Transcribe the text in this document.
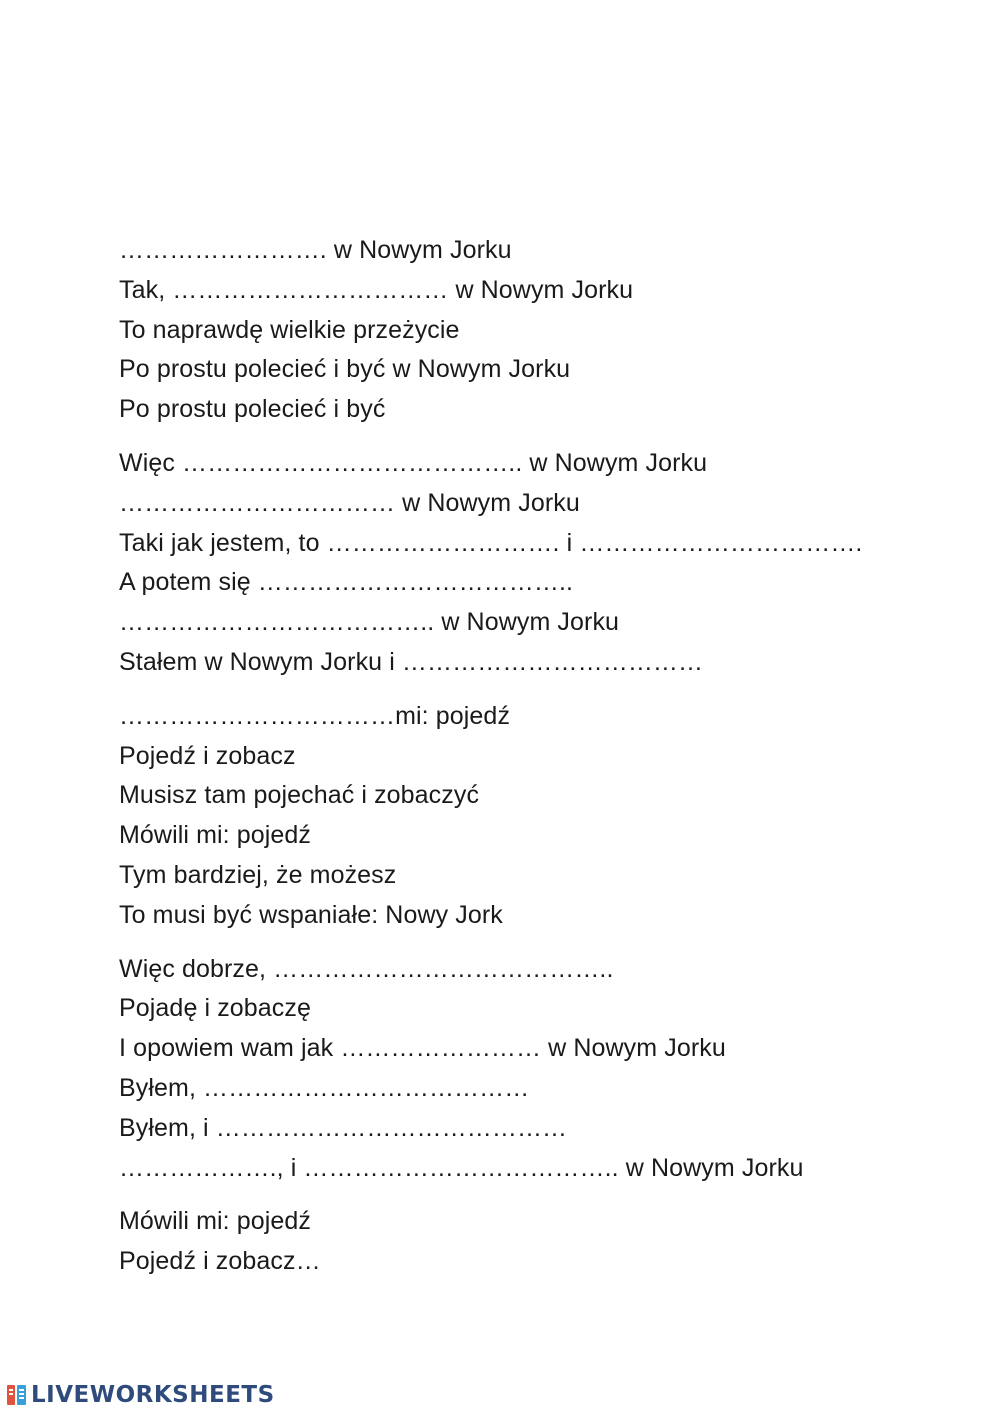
……………………. w Nowym Jorku
Tak, …………………………… w Nowym Jorku
To naprawdę wielkie przeżycie
Po prostu polecieć i być w Nowym Jorku
Po prostu polecieć i być
Więc ………………………………….. w Nowym Jorku
…………………………… w Nowym Jorku
Taki jak jestem, to ………………………. i …………………………….
A potem się ………………………………..
……………………………….. w Nowym Jorku
Stałem w Nowym Jorku i ………………………………
……………………………mi: pojedź
Pojedź i zobacz
Musisz tam pojechać i zobaczyć
Mówili mi: pojedź
Tym bardziej, że możesz
To musi być wspaniałe: Nowy Jork
Więc dobrze, …………………………………..
Pojadę i zobaczę
I opowiem wam jak …………………… w Nowym Jorku
Byłem, …………………………………
Byłem, i ……………………………………
………………., i ……………………………….. w Nowym Jorku
Mówili mi: pojedź
Pojedź i zobacz…
LIVEWORKSHEETS
